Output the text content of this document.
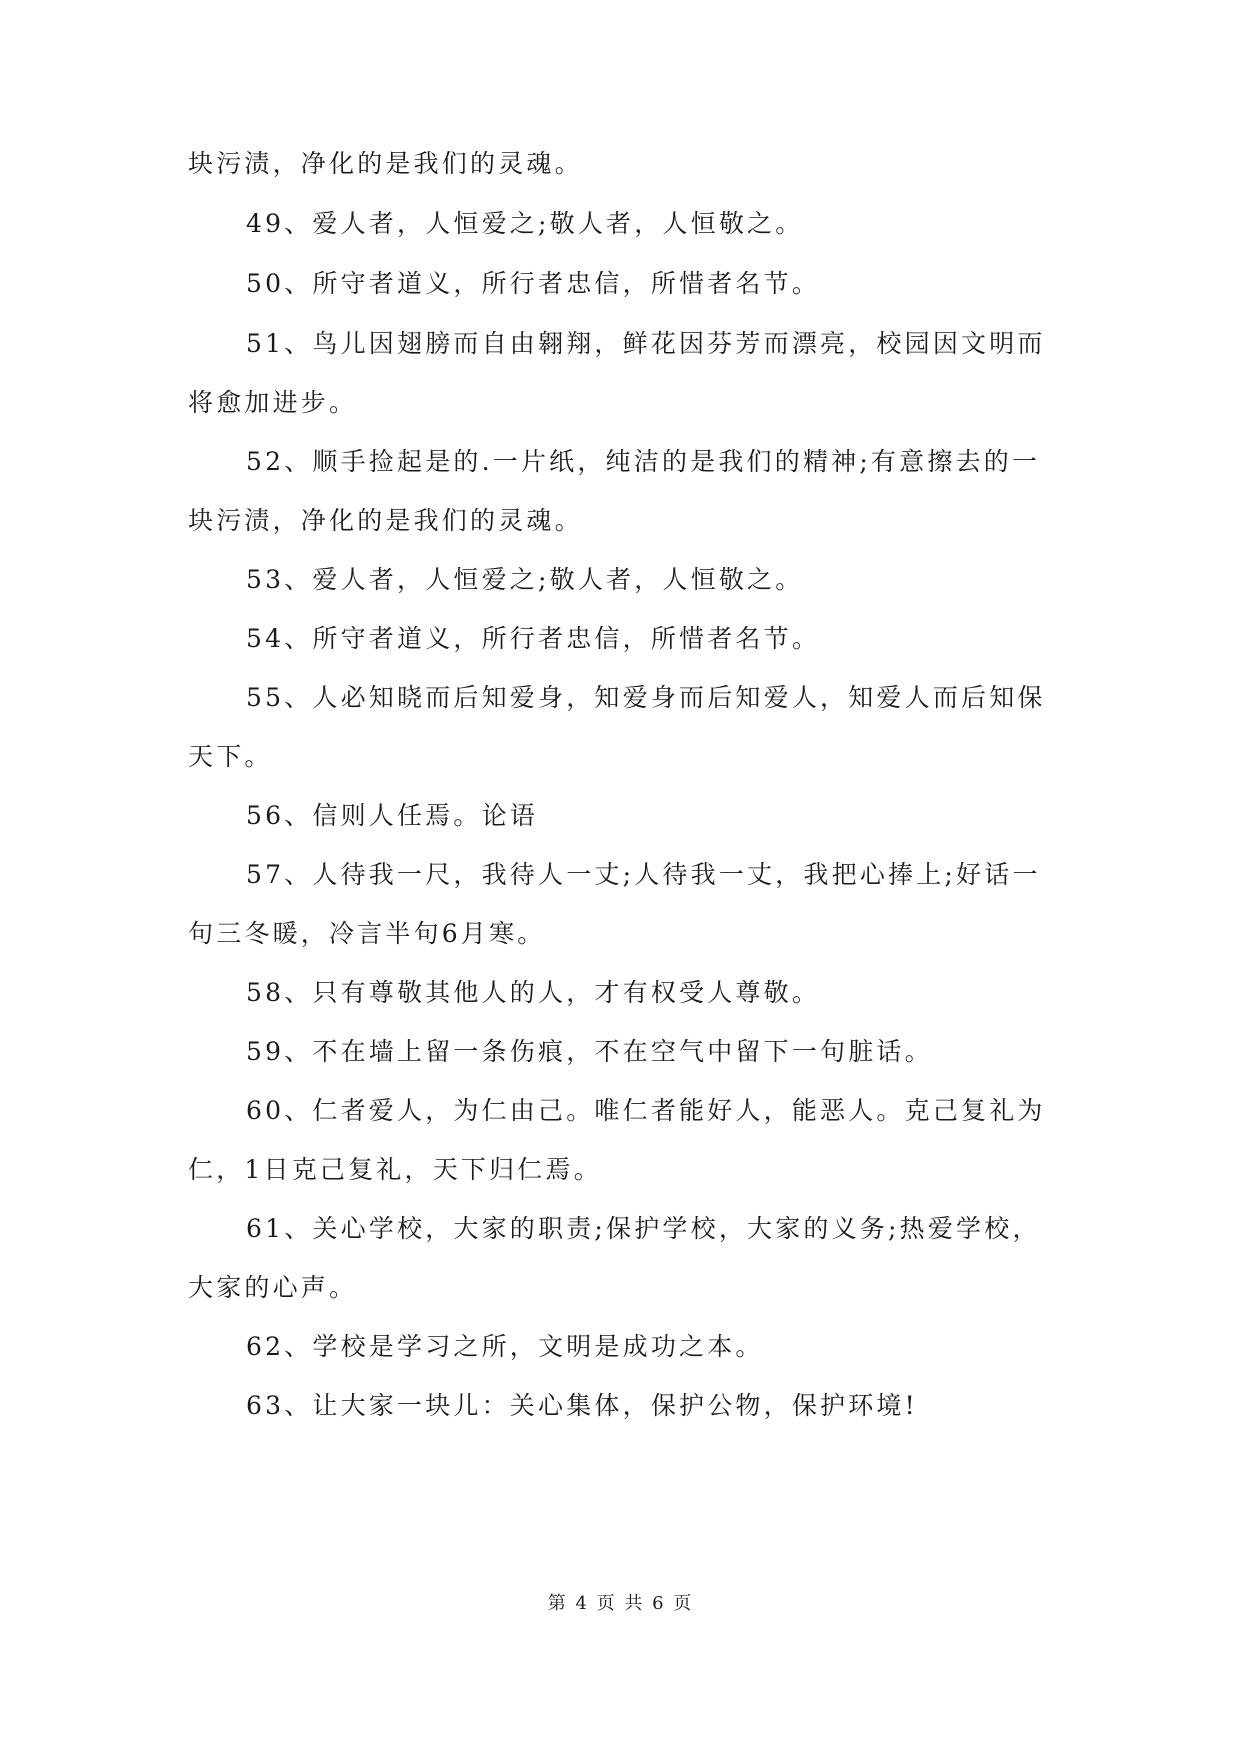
块污渍，净化的是我们的灵魂。
49、爱人者，人恒爱之;敬人者，人恒敬之。
50、所守者道义，所行者忠信，所惜者名节。
51、鸟儿因翅膀而自由翱翔，鲜花因芬芳而漂亮，校园因文明而
将愈加进步。
52、顺手捡起是的.一片纸，纯洁的是我们的精神;有意擦去的一
块污渍，净化的是我们的灵魂。
53、爱人者，人恒爱之;敬人者，人恒敬之。
54、所守者道义，所行者忠信，所惜者名节。
55、人必知晓而后知爱身，知爱身而后知爱人，知爱人而后知保
天下。
56、信则人任焉。论语
57、人待我一尺，我待人一丈;人待我一丈，我把心捧上;好话一
句三冬暖，冷言半句6月寒。
58、只有尊敬其他人的人，才有权受人尊敬。
59、不在墙上留一条伤痕，不在空气中留下一句脏话。
60、仁者爱人，为仁由己。唯仁者能好人，能恶人。克己复礼为
仁，1日克己复礼，天下归仁焉。
61、关心学校，大家的职责;保护学校，大家的义务;热爱学校，
大家的心声。
62、学校是学习之所，文明是成功之本。
63、让大家一块儿：关心集体，保护公物，保护环境!
第 4 页 共 6 页
